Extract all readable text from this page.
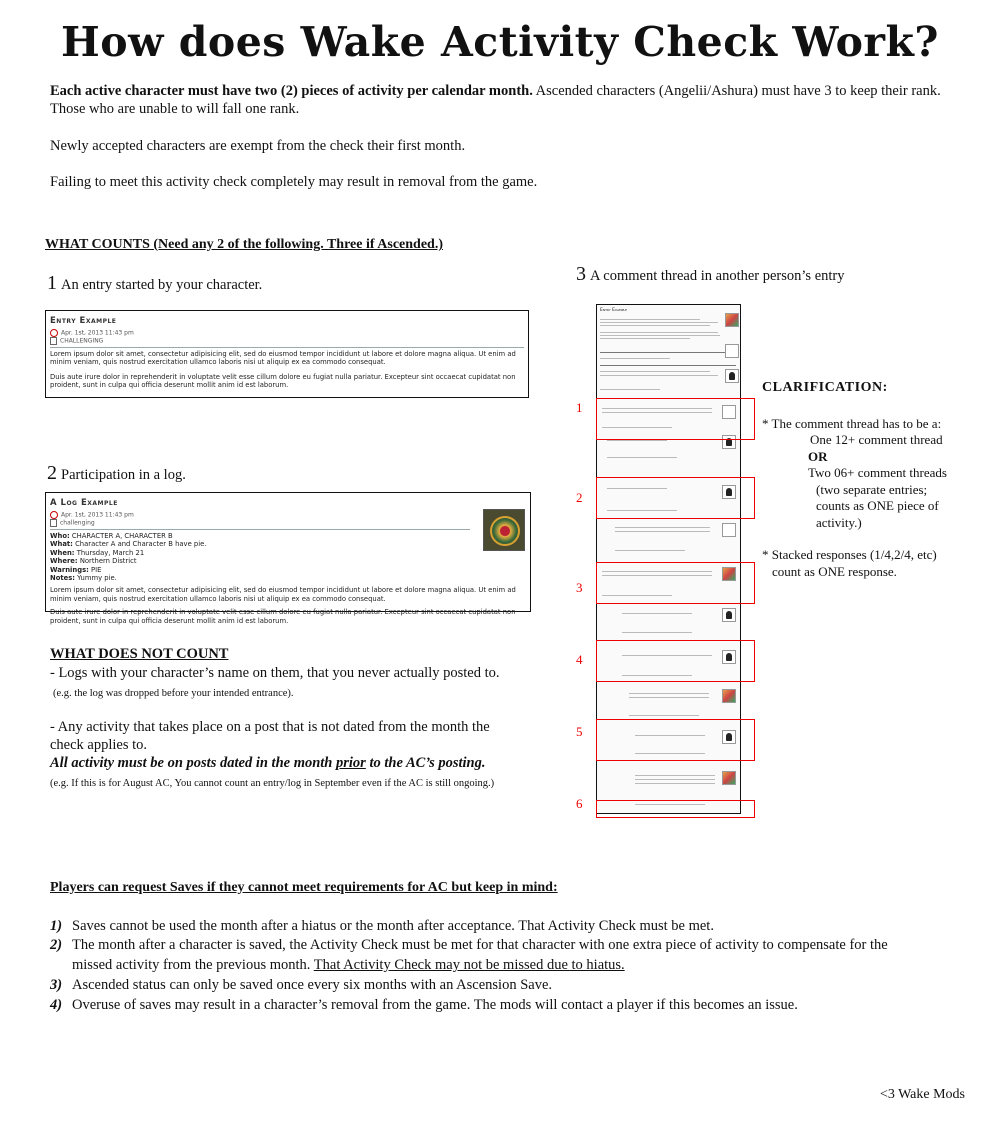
How does Wake Activity Check Work?
Each active character must have two (2) pieces of activity per calendar month. Ascended characters (Angelii/Ashura) must have 3 to keep their rank.
Those who are unable to will fall one rank.
Newly accepted characters are exempt from the check their first month.
Failing to meet this activity check completely may result in removal from the game.
WHAT COUNTS (Need any 2 of the following. Three if Ascended.)
1 An entry started by your character.
Entry Example
Apr. 1st, 2013 11:43 pm
CHALLENGING
Lorem ipsum dolor sit amet, consectetur adipisicing elit, sed do eiusmod tempor incididunt ut labore et dolore magna aliqua. Ut enim ad minim veniam, quis nostrud exercitation ullamco laboris nisi ut aliquip ex ea commodo consequat.
Duis aute irure dolor in reprehenderit in voluptate velit esse cillum dolore eu fugiat nulla pariatur. Excepteur sint occaecat cupidatat non proident, sunt in culpa qui officia deserunt mollit anim id est laborum.
2 Participation in a log.
A Log Example
Apr. 1st, 2013 11:43 pm
challenging
Who: CHARACTER A, CHARACTER B
What: Character A and Character B have pie.
When: Thursday, March 21
Where: Northern District
Warnings: PIE
Notes: Yummy pie.
Lorem ipsum dolor sit amet, consectetur adipisicing elit, sed do eiusmod tempor incididunt ut labore et dolore magna aliqua. Ut enim ad minim veniam, quis nostrud exercitation ullamco laboris nisi ut aliquip ex ea commodo consequat.
Duis aute irure dolor in reprehenderit in voluptate velit esse cillum dolore eu fugiat nulla pariatur. Excepteur sint occaecat cupidatat non proident, sunt in culpa qui officia deserunt mollit anim id est laborum.
3 A comment thread in another person’s entry
Entry Example
1
2
3
4
5
6
CLARIFICATION:
* The comment thread has to be a:
One 12+ comment thread
OR
Two 06+ comment threads
(two separate entries;
counts as ONE piece of
activity.)
* Stacked responses (1/4,2/4, etc)
count as ONE response.
WHAT DOES NOT COUNT
- Logs with your character’s name on them, that you never actually posted to.
(e.g. the log was dropped before your intended entrance).
- Any activity that takes place on a post that is not dated from the month the
check applies to.
All activity must be on posts dated in the month prior to the AC’s posting.
(e.g. If this is for August AC, You cannot count an entry/log in September even if the AC is still ongoing.)
Players can request Saves if they cannot meet requirements for AC but keep in mind:
1) Saves cannot be used the month after a hiatus or the month after acceptance. That Activity Check must be met.
2) The month after a character is saved, the Activity Check must be met for that character with one extra piece of activity to compensate for the
missed activity from the previous month. That Activity Check may not be missed due to hiatus.
3) Ascended status can only be saved once every six months with an Ascension Save.
4) Overuse of saves may result in a character’s removal from the game. The mods will contact a player if this becomes an issue.
<3 Wake Mods
